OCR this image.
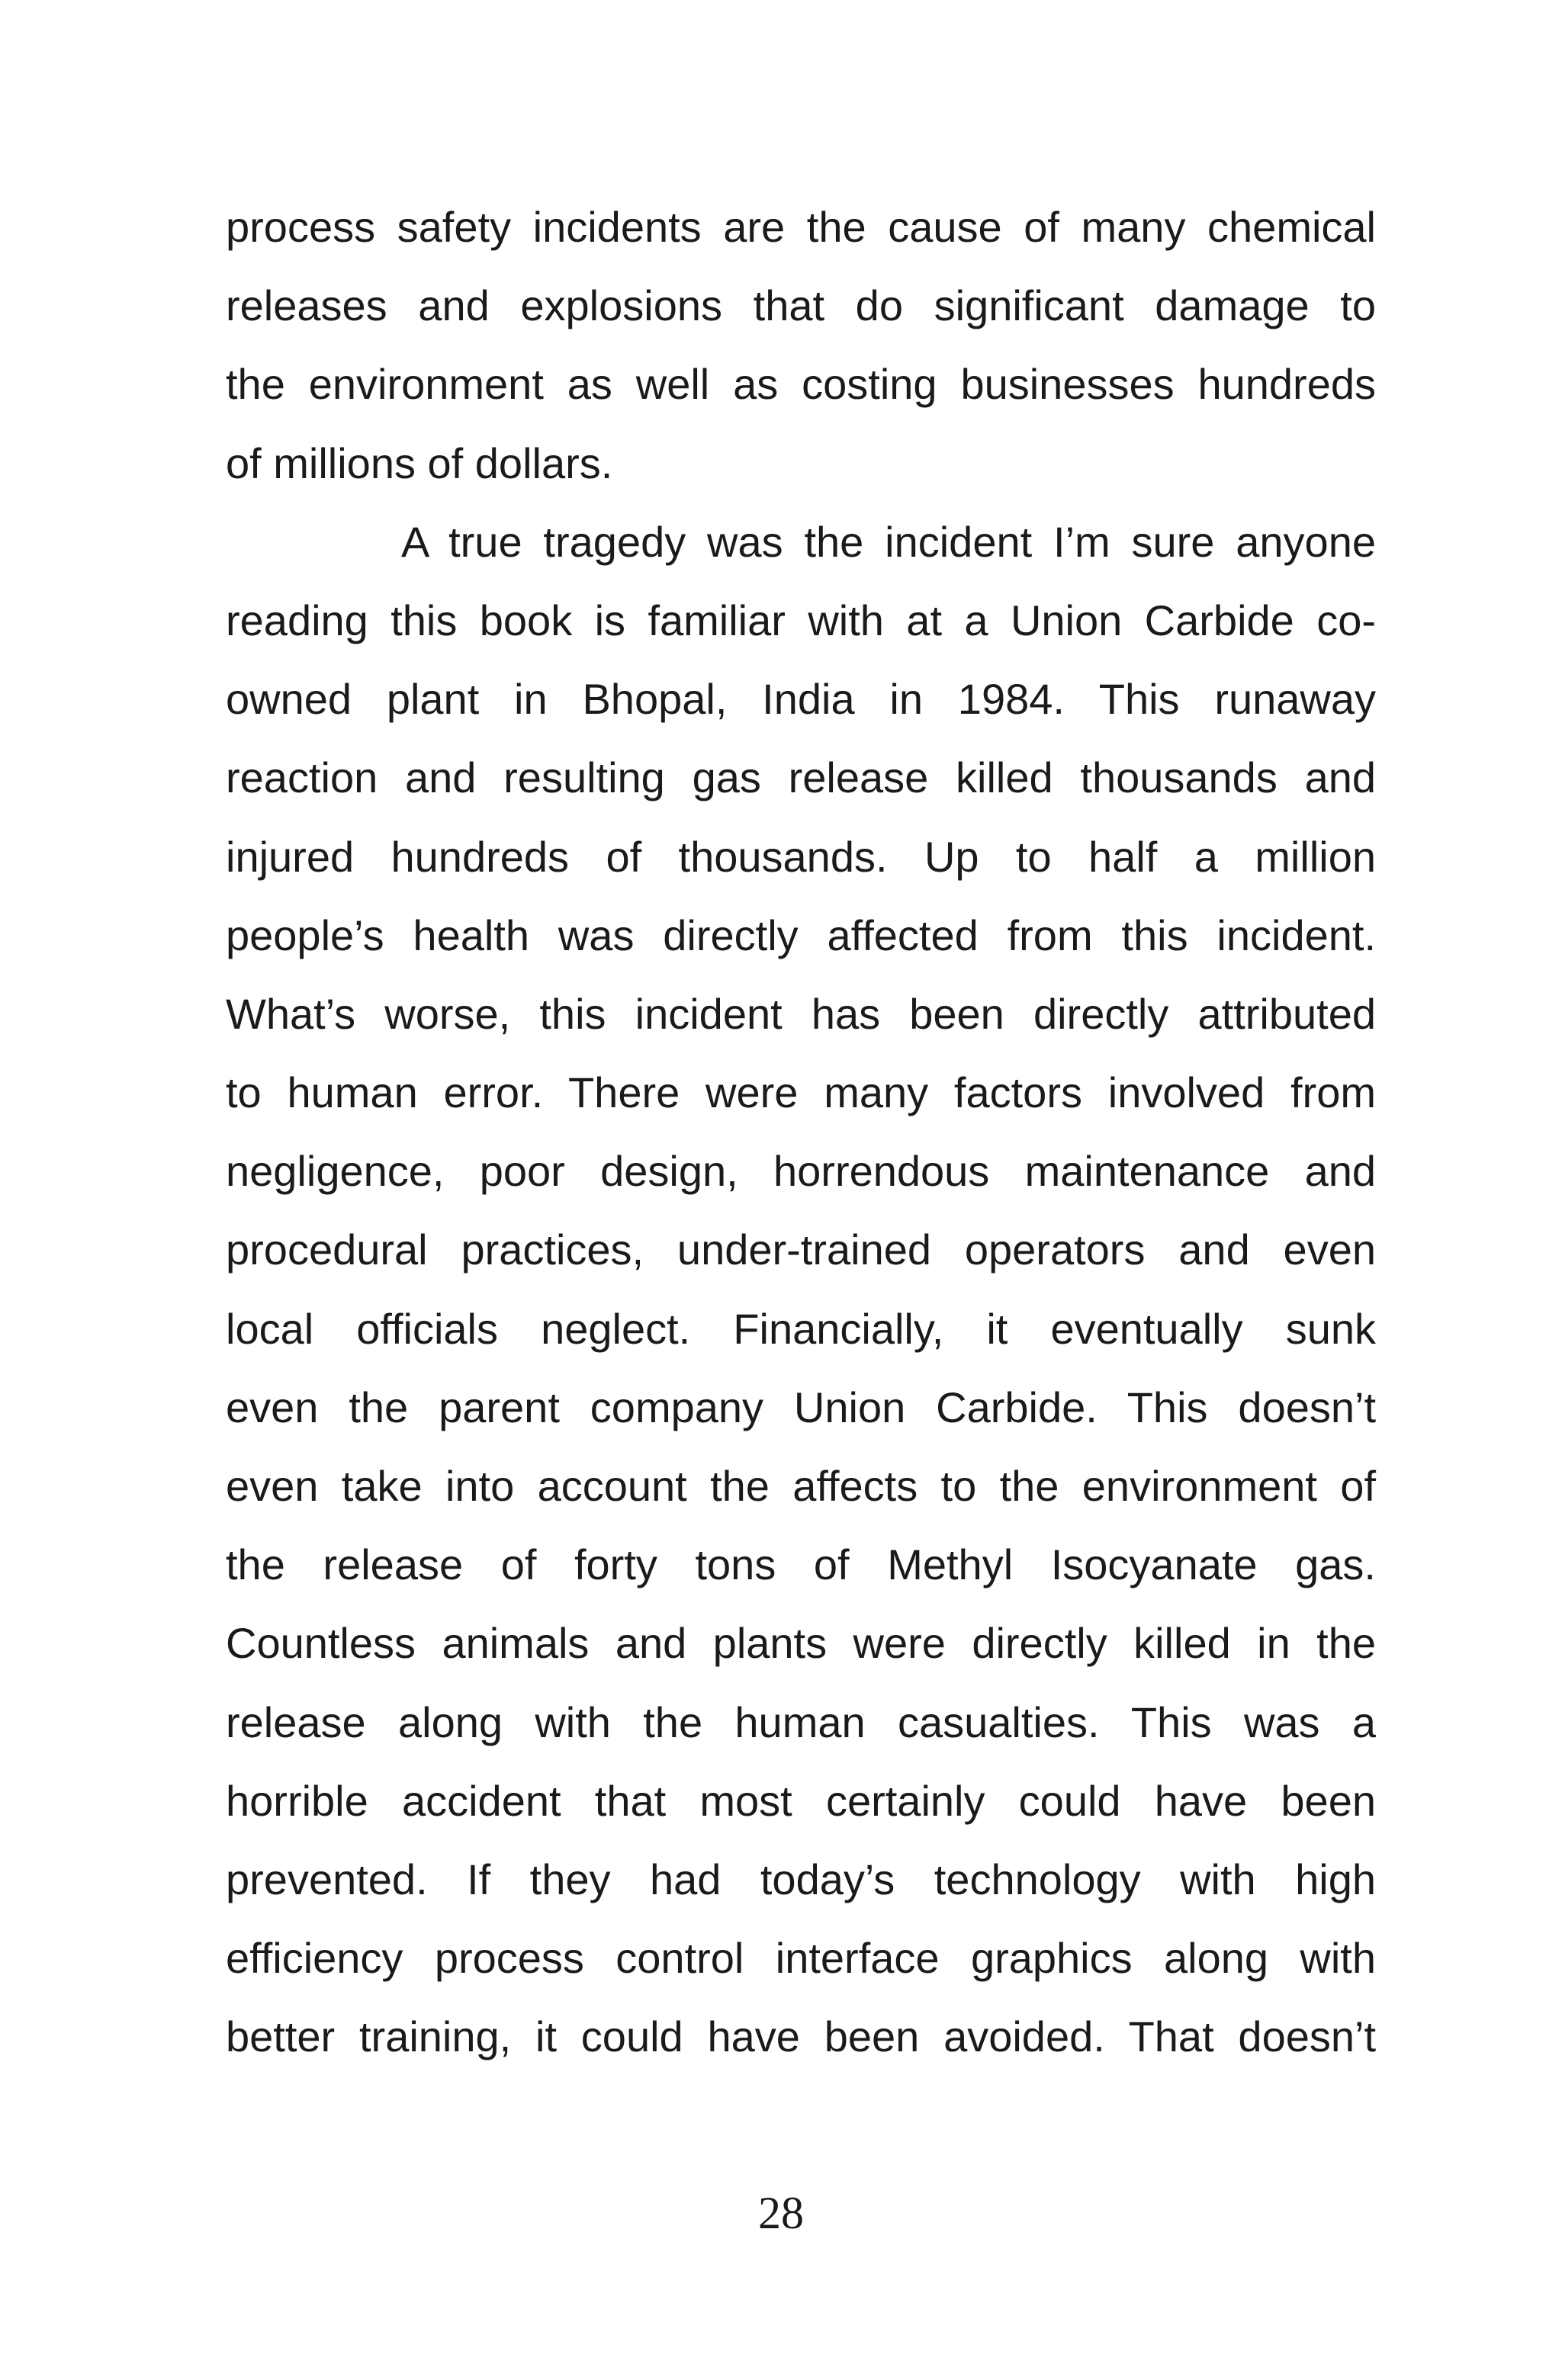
process safety incidents are the cause of many chemical
releases and explosions that do significant damage to
the environment as well as costing businesses hundreds
of millions of dollars.
A true tragedy was the incident I’m sure anyone
reading this book is familiar with at a Union Carbide co-
owned plant in Bhopal, India in 1984. This runaway
reaction and resulting gas release killed thousands and
injured hundreds of thousands. Up to half a million
people’s health was directly affected from this incident.
What’s worse, this incident has been directly attributed
to human error. There were many factors involved from
negligence, poor design, horrendous maintenance and
procedural practices, under-trained operators and even
local officials neglect. Financially, it eventually sunk
even the parent company Union Carbide. This doesn’t
even take into account the affects to the environment of
the release of forty tons of Methyl Isocyanate gas.
Countless animals and plants were directly killed in the
release along with the human casualties. This was a
horrible accident that most certainly could have been
prevented. If they had today’s technology with high
efficiency process control interface graphics along with
better training, it could have been avoided. That doesn’t
28
